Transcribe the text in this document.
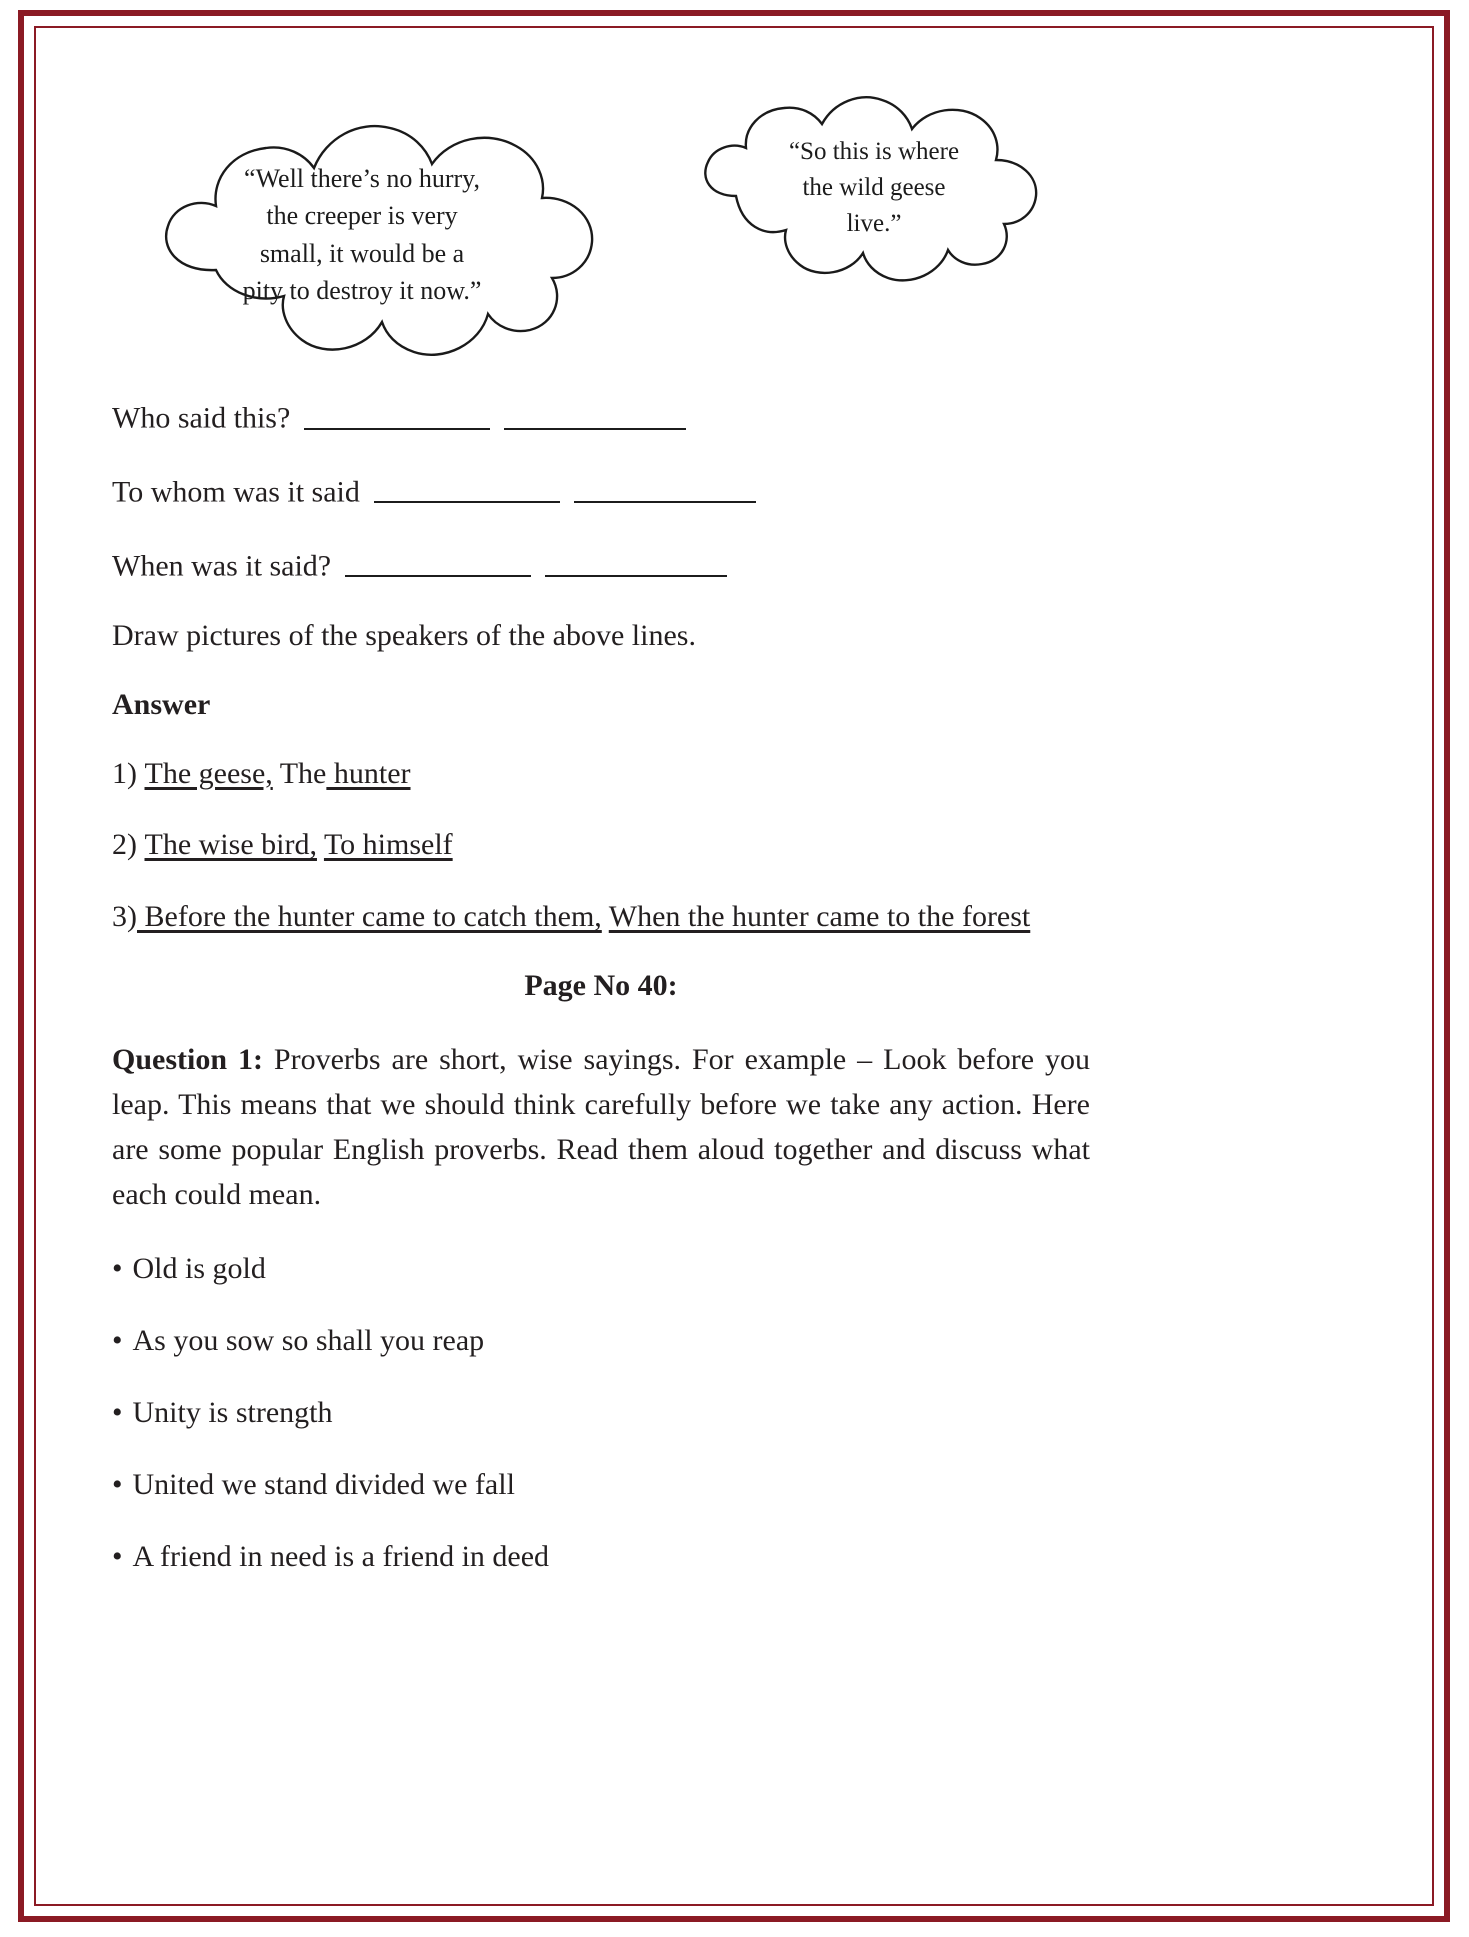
“Well there’s no hurry,
the creeper is very
small, it would be a
pity to destroy it now.”
“So this is where
the wild geese
live.”

Who said this?

To whom was it said

When was it said?

Draw pictures of the speakers of the above lines.

Answer

1) The geese, The hunter

2) The wise bird, To himself

3) Before the hunter came to catch them, When the hunter came to the forest

Page No 40:

Question 1: Proverbs are short, wise sayings. For example – Look before you leap. This means that we should think carefully before we take any action. Here are some popular English proverbs. Read them aloud together and discuss what each could mean.

• Old is gold

• As you sow so shall you reap

• Unity is strength

• United we stand divided we fall

• A friend in need is a friend in deed
